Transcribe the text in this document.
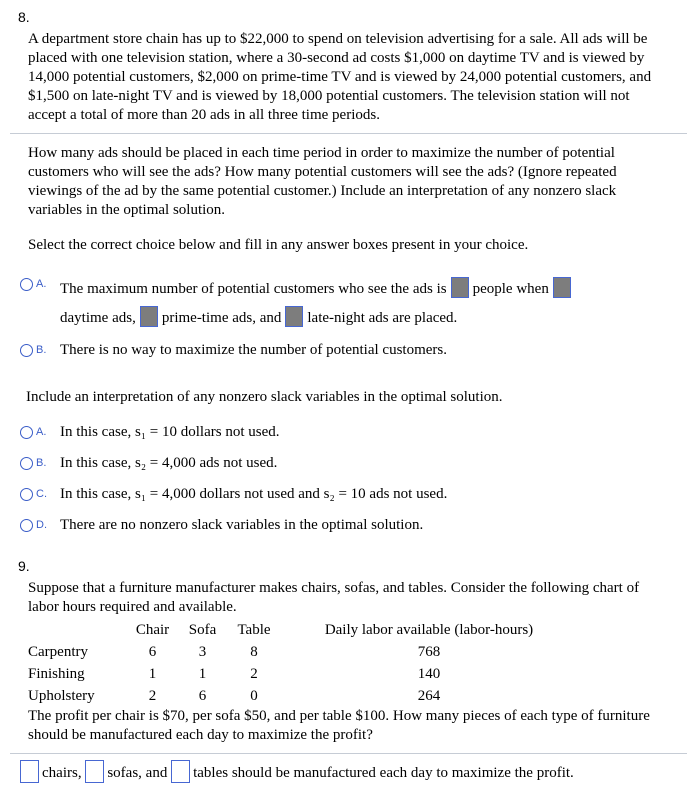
8.
A department store chain has up to $22,000 to spend on television advertising for a sale. All ads will be placed with one television station, where a 30-second ad costs $1,000 on daytime TV and is viewed by 14,000 potential customers, $2,000 on prime-time TV and is viewed by 24,000 potential customers, and $1,500 on late-night TV and is viewed by 18,000 potential customers. The television station will not accept a total of more than 20 ads in all three time periods.
How many ads should be placed in each time period in order to maximize the number of potential customers who will see the ads? How many potential customers will see the ads? (Ignore repeated viewings of the ad by the same potential customer.) Include an interpretation of any nonzero slack variables in the optimal solution.
Select the correct choice below and fill in any answer boxes present in your choice.
A. The maximum number of potential customers who see the ads is people when
daytime ads, prime-time ads, and late-night ads are placed.
B. There is no way to maximize the number of potential customers.
Include an interpretation of any nonzero slack variables in the optimal solution.
A. In this case, s₁ = 10 dollars not used.
B. In this case, s₂ = 4,000 ads not used.
C. In this case, s₁ = 4,000 dollars not used and s₂ = 10 ads not used.
D. There are no nonzero slack variables in the optimal solution.
9.
Suppose that a furniture manufacturer makes chairs, sofas, and tables. Consider the following chart of labor hours required and available.
	Chair	Sofa	Table	Daily labor available (labor-hours)
Carpentry	6	3	8	768
Finishing	1	1	2	140
Upholstery	2	6	0	264
The profit per chair is $70, per sofa $50, and per table $100. How many pieces of each type of furniture should be manufactured each day to maximize the profit?
chairs, sofas, and tables should be manufactured each day to maximize the profit.
